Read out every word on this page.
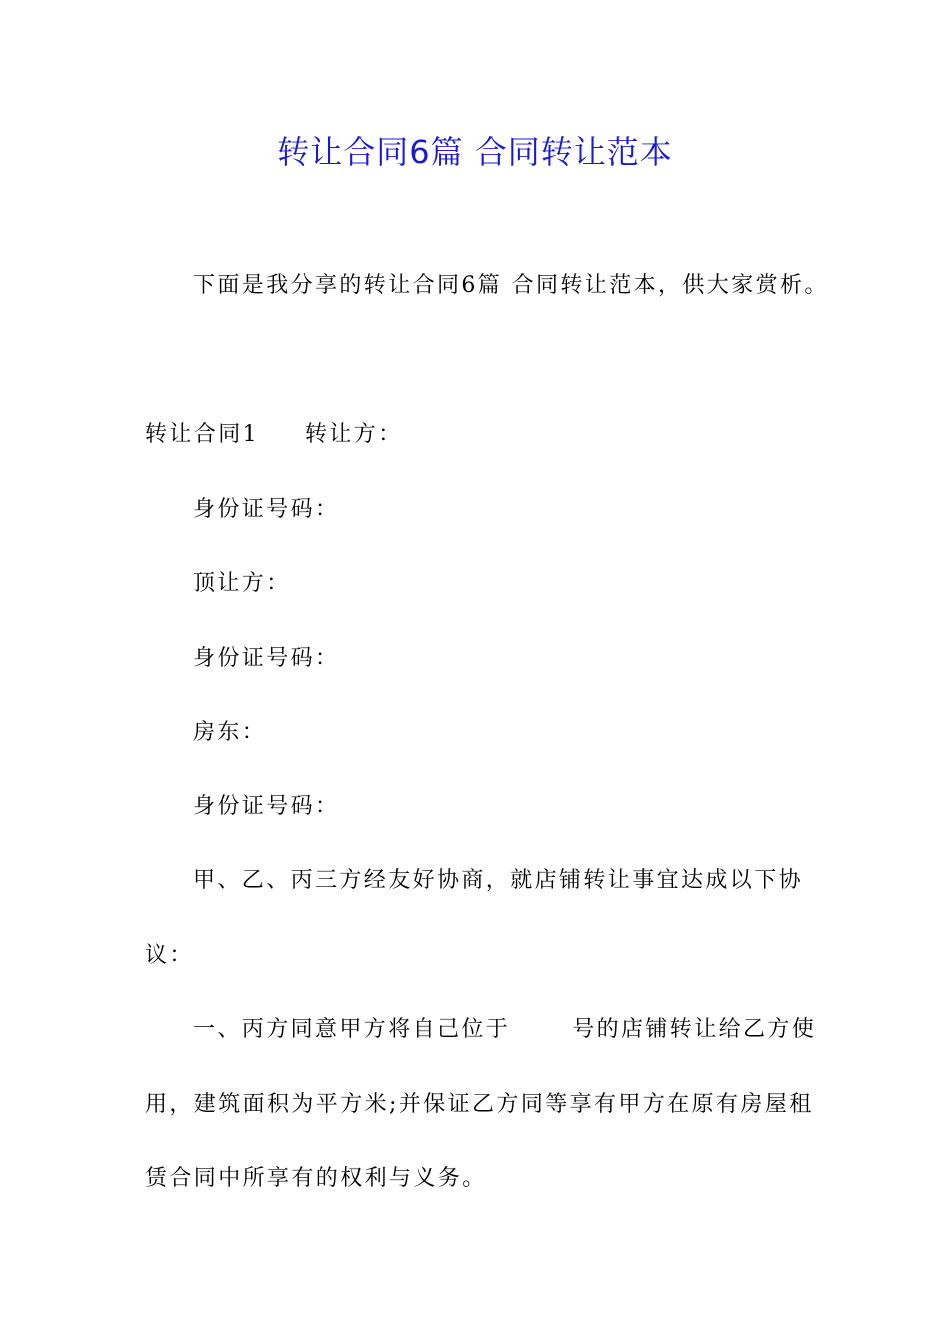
转让合同6篇 合同转让范本

下面是我分享的转让合同6篇 合同转让范本，供大家赏析。

转让合同1 转让方：

身份证号码：

顶让方：

身份证号码：

房东：

身份证号码：

甲、乙、丙三方经友好协商，就店铺转让事宜达成以下协

议：

一、丙方同意甲方将自己位于	号的店铺转让给乙方使

用，建筑面积为平方米;并保证乙方同等享有甲方在原有房屋租

赁合同中所享有的权利与义务。
